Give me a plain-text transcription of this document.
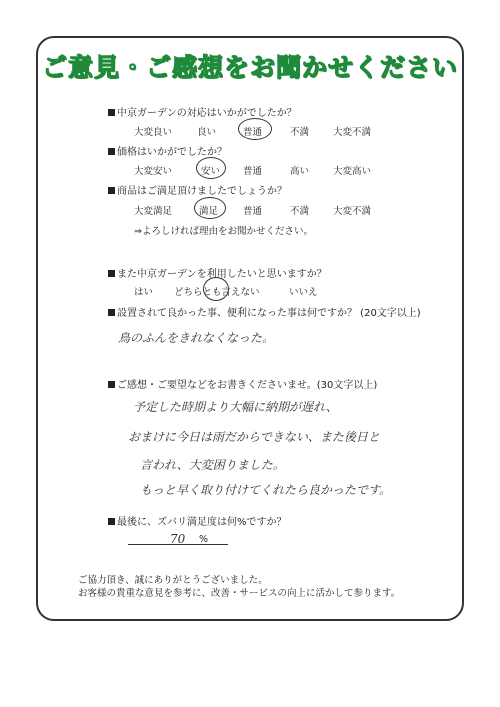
ご意見・ご感想をお聞かせください
中京ガーデンの対応はいかがでしたか？
大変良い	良い	普通	不満	大変不満
価格はいかがでしたか？
大変安い	安い 普通	高い	大変高い
商品はご満足頂けましたでしょうか？
大変満足	満足	普通	不満	大変不満
⇒よろしければ理由をお聞かせください。
また中京ガーデンを利用したいと思いますか？
はい どちらとも言えない	いいえ
設置されて良かった事、便利になった事は何ですか？ (20文字以上)
鳥のふんをきれなくなった。
ご感想・ご要望などをお書きくださいませ。(30文字以上)
予定した時期より大幅に納期が遅れ、
おまけに今日は雨だからできない、また後日と
言われ、大変困りました。
もっと早く取り付けてくれたら良かったです。
最後に、ズバリ満足度は何%ですか？
70 %
ご協力頂き、誠にありがとうございました。
お客様の貴重な意見を参考に、改善・サービスの向上に活かして参ります。
